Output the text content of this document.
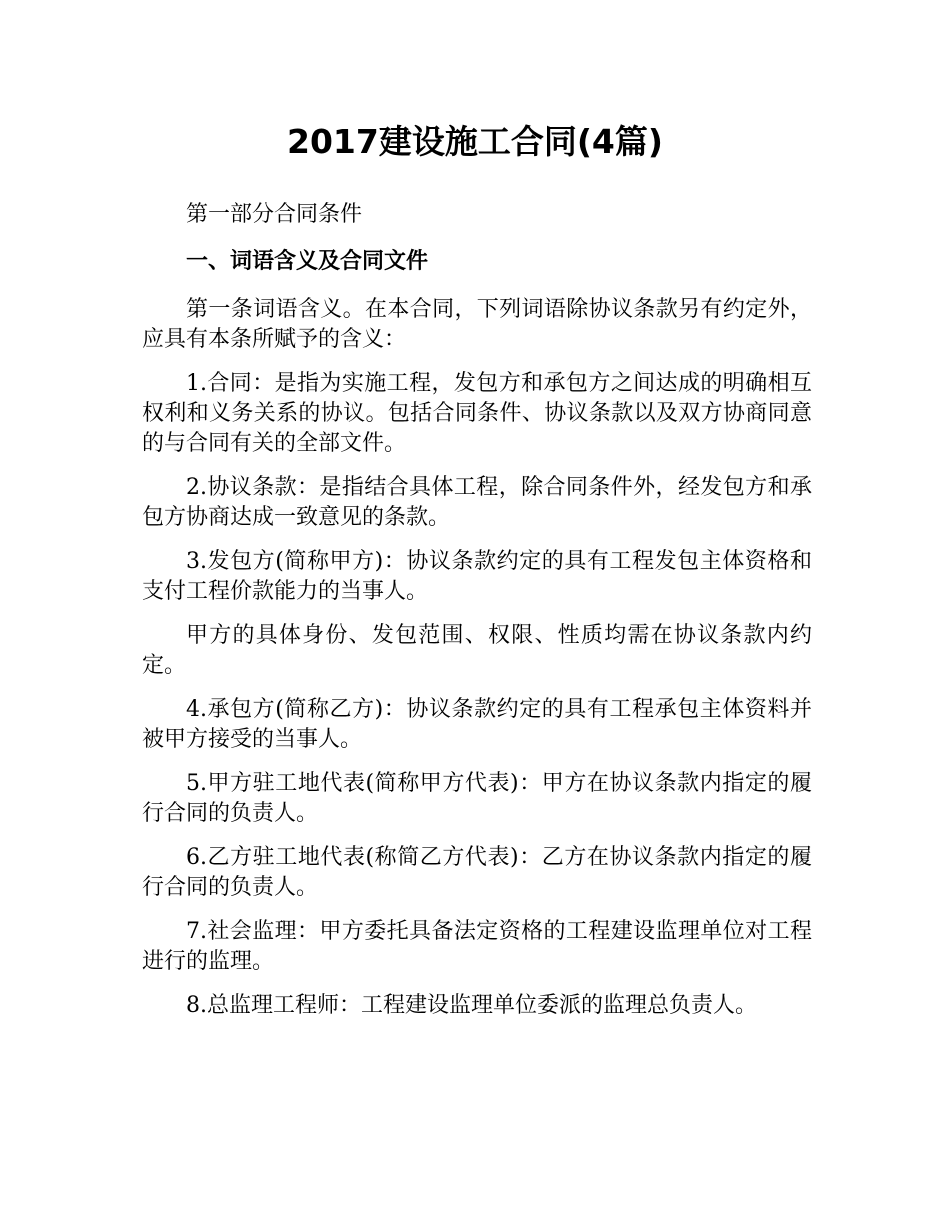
2017建设施工合同(4篇)

第一部分合同条件

一、词语含义及合同文件

第一条词语含义。在本合同，下列词语除协议条款另有约定外，应具有本条所赋予的含义：

1.合同：是指为实施工程，发包方和承包方之间达成的明确相互权利和义务关系的协议。包括合同条件、协议条款以及双方协商同意的与合同有关的全部文件。

2.协议条款：是指结合具体工程，除合同条件外，经发包方和承包方协商达成一致意见的条款。

3.发包方(简称甲方)：协议条款约定的具有工程发包主体资格和支付工程价款能力的当事人。

甲方的具体身份、发包范围、权限、性质均需在协议条款内约定。

4.承包方(简称乙方)：协议条款约定的具有工程承包主体资料并被甲方接受的当事人。

5.甲方驻工地代表(简称甲方代表)：甲方在协议条款内指定的履行合同的负责人。

6.乙方驻工地代表(称简乙方代表)：乙方在协议条款内指定的履行合同的负责人。

7.社会监理：甲方委托具备法定资格的工程建设监理单位对工程进行的监理。

8.总监理工程师：工程建设监理单位委派的监理总负责人。
